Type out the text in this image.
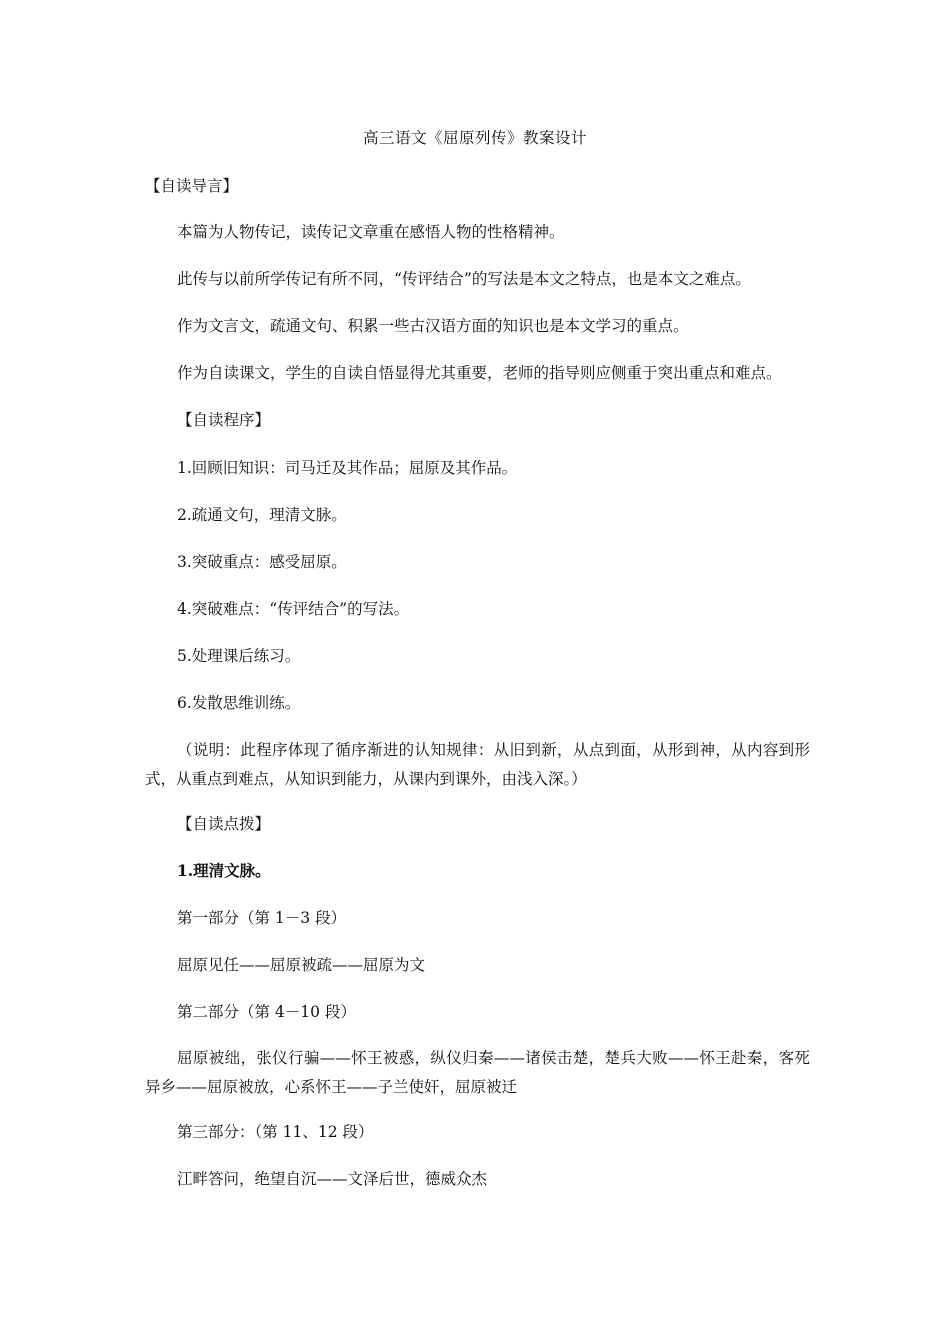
高三语文《屈原列传》教案设计
【自读导言】
本篇为人物传记，读传记文章重在感悟人物的性格精神。
此传与以前所学传记有所不同，“传评结合”的写法是本文之特点，也是本文之难点。
作为文言文，疏通文句、积累一些古汉语方面的知识也是本文学习的重点。
作为自读课文，学生的自读自悟显得尤其重要，老师的指导则应侧重于突出重点和难点。
【自读程序】
1.回顾旧知识：司马迁及其作品；屈原及其作品。
2.疏通文句，理清文脉。
3.突破重点：感受屈原。
4.突破难点：“传评结合”的写法。
5.处理课后练习。
6.发散思维训练。
（说明：此程序体现了循序渐进的认知规律：从旧到新，从点到面，从形到神，从内容到形式，从重点到难点，从知识到能力，从课内到课外，由浅入深。）
【自读点拨】
1.理清文脉。
第一部分（第 1－3 段）
屈原见任——屈原被疏——屈原为文
第二部分（第 4－10 段）
屈原被绌，张仪行骗——怀王被惑，纵仪归秦——诸侯击楚，楚兵大败——怀王赴秦，客死异乡——屈原被放，心系怀王——子兰使奸，屈原被迁
第三部分：（第 11、12 段）
江畔答问，绝望自沉——文泽后世，德威众杰
